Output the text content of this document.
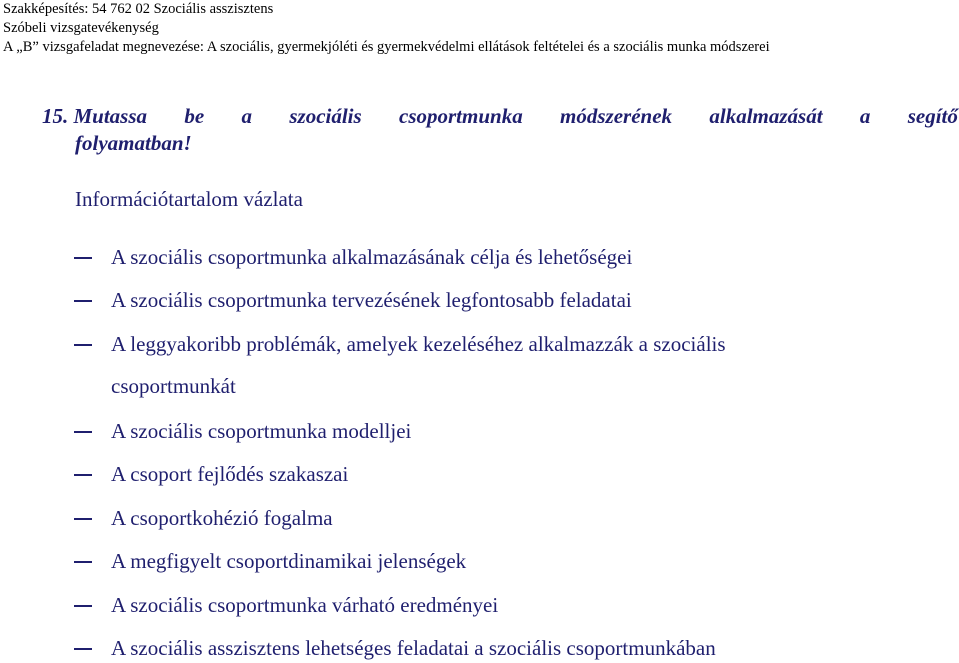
Szakképesítés: 54 762 02 Szociális asszisztens
Szóbeli vizsgatevékenység
A „B” vizsgafeladat megnevezése: A szociális, gyermekjóléti és gyermekvédelmi ellátások feltételei és a szociális munka módszerei
15. Mutassa be a szociális csoportmunka módszerének alkalmazását a segítő
folyamatban!
Információtartalom vázlata
A szociális csoportmunka alkalmazásának célja és lehetőségei
A szociális csoportmunka tervezésének legfontosabb feladatai
A leggyakoribb problémák, amelyek kezeléséhez alkalmazzák a szociális
csoportmunkát
A szociális csoportmunka modelljei
A csoport fejlődés szakaszai
A csoportkohézió fogalma
A megfigyelt csoportdinamikai jelenségek
A szociális csoportmunka várható eredményei
A szociális asszisztens lehetséges feladatai a szociális csoportmunkában
